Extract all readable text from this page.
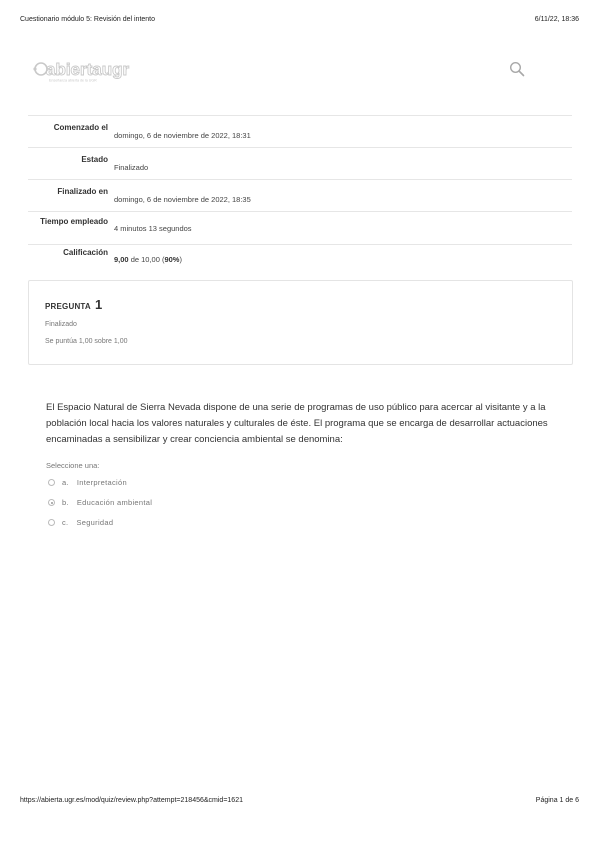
Cuestionario módulo 5: Revisión del intento	6/11/22, 18:36
abiertaugr
Enseñanza abierta de la UGR
Comenzado el
domingo, 6 de noviembre de 2022, 18:31
Estado
Finalizado
Finalizado en
domingo, 6 de noviembre de 2022, 18:35
Tiempo empleado
4 minutos 13 segundos
Calificación
9,00 de 10,00 (90%)
PREGUNTA 1
Finalizado
Se puntúa 1,00 sobre 1,00
El Espacio Natural de Sierra Nevada dispone de una serie de programas de uso público para acercar al visitante y a la población local hacia los valores naturales y culturales de éste. El programa que se encarga de desarrollar actuaciones encaminadas a sensibilizar y crear conciencia ambiental se denomina:
Seleccione una:
a. Interpretación
b. Educación ambiental
c. Seguridad
https://abierta.ugr.es/mod/quiz/review.php?attempt=218456&cmid=1621	Página 1 de 6
